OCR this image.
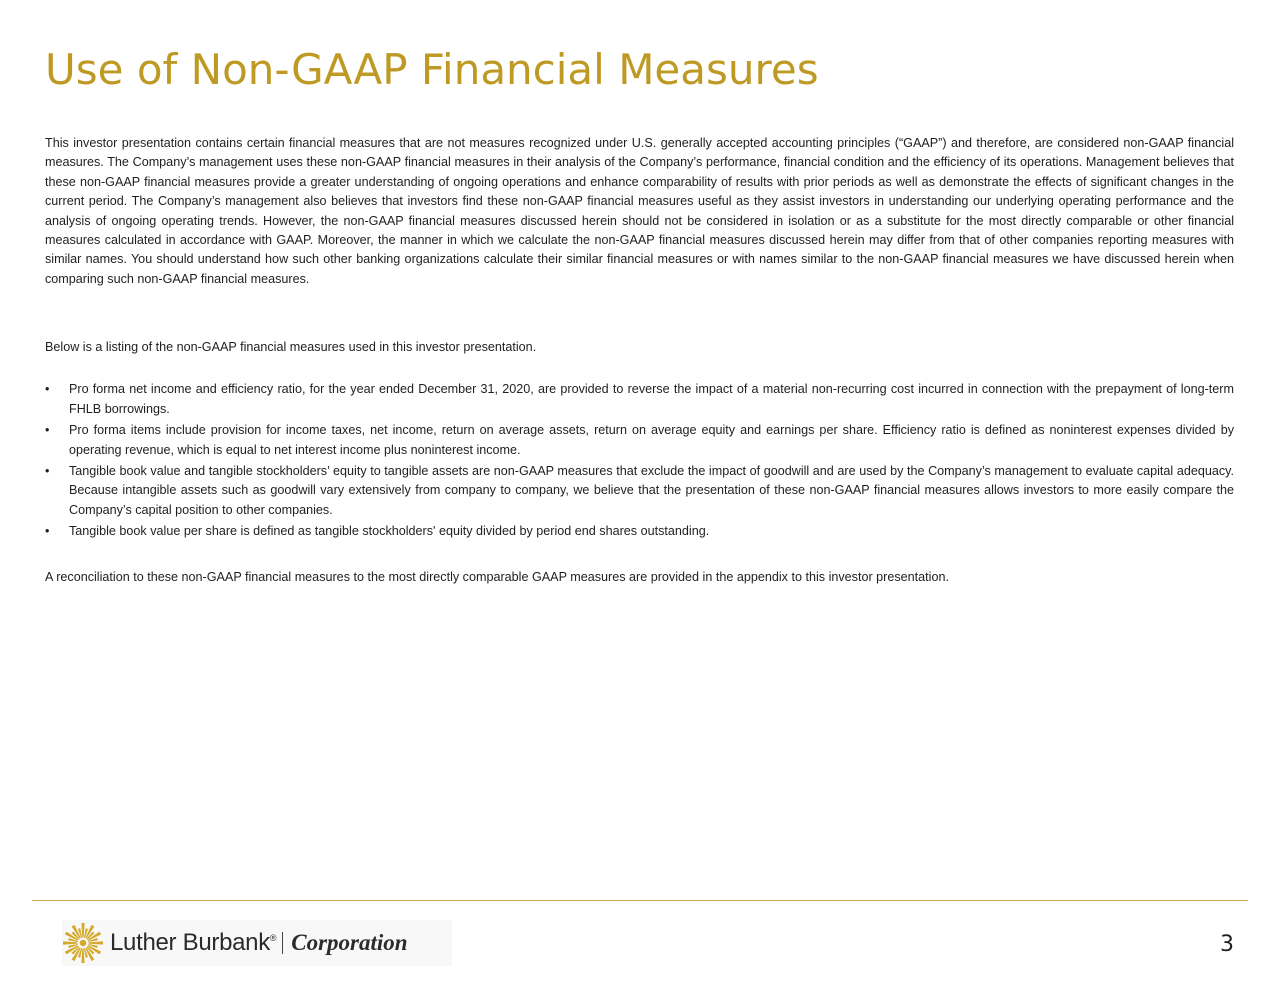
Use of Non-GAAP Financial Measures

This investor presentation contains certain financial measures that are not measures recognized under U.S. generally accepted accounting principles (“GAAP”) and therefore, are considered non-GAAP financial measures. The Company’s management uses these non-GAAP financial measures in their analysis of the Company’s performance, financial condition and the efficiency of its operations. Management believes that these non-GAAP financial measures provide a greater understanding of ongoing operations and enhance comparability of results with prior periods as well as demonstrate the effects of significant changes in the current period. The Company’s management also believes that investors find these non-GAAP financial measures useful as they assist investors in understanding our underlying operating performance and the analysis of ongoing operating trends. However, the non-GAAP financial measures discussed herein should not be considered in isolation or as a substitute for the most directly comparable or other financial measures calculated in accordance with GAAP. Moreover, the manner in which we calculate the non-GAAP financial measures discussed herein may differ from that of other companies reporting measures with similar names. You should understand how such other banking organizations calculate their similar financial measures or with names similar to the non-GAAP financial measures we have discussed herein when comparing such non-GAAP financial measures.

Below is a listing of the non-GAAP financial measures used in this investor presentation.

• Pro forma net income and efficiency ratio, for the year ended December 31, 2020, are provided to reverse the impact of a material non-recurring cost incurred in connection with the prepayment of long-term FHLB borrowings.
• Pro forma items include provision for income taxes, net income, return on average assets, return on average equity and earnings per share. Efficiency ratio is defined as noninterest expenses divided by operating revenue, which is equal to net interest income plus noninterest income.
• Tangible book value and tangible stockholders’ equity to tangible assets are non-GAAP measures that exclude the impact of goodwill and are used by the Company’s management to evaluate capital adequacy. Because intangible assets such as goodwill vary extensively from company to company, we believe that the presentation of these non-GAAP financial measures allows investors to more easily compare the Company’s capital position to other companies.
• Tangible book value per share is defined as tangible stockholders' equity divided by period end shares outstanding.

A reconciliation to these non-GAAP financial measures to the most directly comparable GAAP measures are provided in the appendix to this investor presentation.

Luther Burbank® Corporation	3
